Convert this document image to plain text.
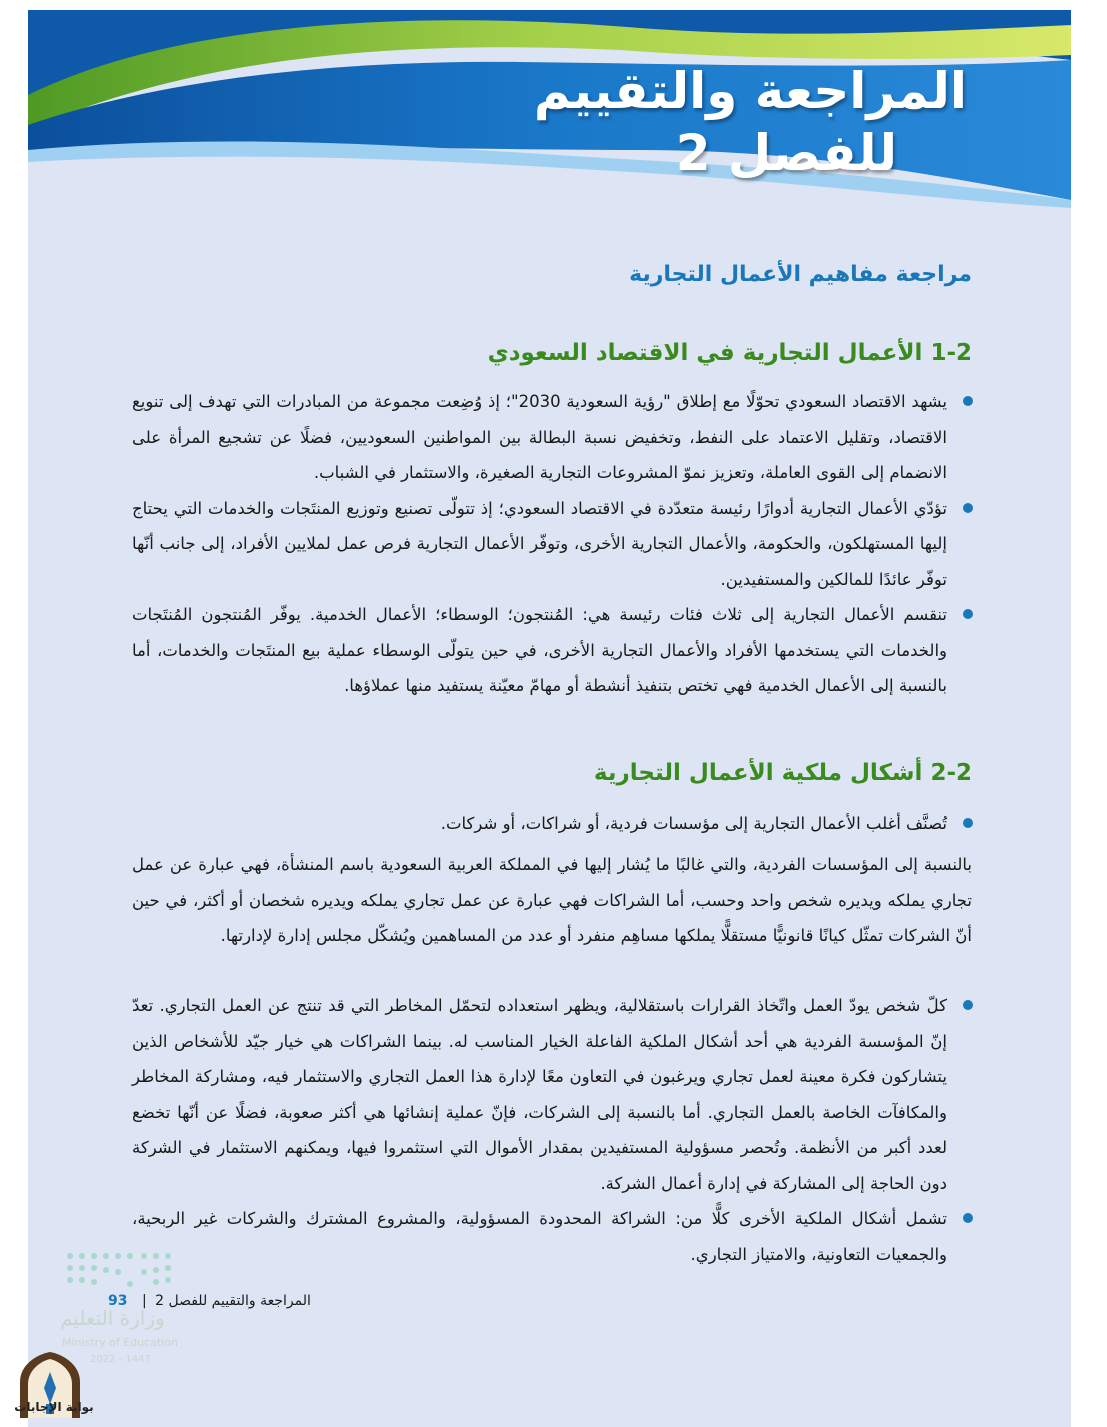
المراجعة والتقييم
للفصل 2
مراجعة مفاهيم الأعمال التجارية
1-2 الأعمال التجارية في الاقتصاد السعودي
يشهد الاقتصاد السعودي تحوّلًا مع إطلاق "رؤية السعودية 2030"؛ إذ وُضِعت مجموعة من المبادرات التي تهدف إلى تنويع الاقتصاد، وتقليل الاعتماد على النفط، وتخفيض نسبة البطالة بين المواطنين السعوديين، فضلًا عن تشجيع المرأة على الانضمام إلى القوى العاملة، وتعزيز نموّ المشروعات التجارية الصغيرة، والاستثمار في الشباب.
تؤدّي الأعمال التجارية أدوارًا رئيسة متعدّدة في الاقتصاد السعودي؛ إذ تتولّى تصنيع وتوزيع المنتَجات والخدمات التي يحتاج إليها المستهلكون، والحكومة، والأعمال التجارية الأخرى، وتوفّر الأعمال التجارية فرص عمل لملايين الأفراد، إلى جانب أنّها توفّر عائدًا للمالكين والمستفيدين.
تنقسم الأعمال التجارية إلى ثلاث فئات رئيسة هي: المُنتجون؛ الوسطاء؛ الأعمال الخدمية. يوفّر المُنتجون المُنتَجات والخدمات التي يستخدمها الأفراد والأعمال التجارية الأخرى، في حين يتولّى الوسطاء عملية بيع المنتَجات والخدمات، أما بالنسبة إلى الأعمال الخدمية فهي تختص بتنفيذ أنشطة أو مهامّ معيّنة يستفيد منها عملاؤها.
2-2 أشكال ملكية الأعمال التجارية
تُصنَّف أغلب الأعمال التجارية إلى مؤسسات فردية، أو شراكات، أو شركات.
بالنسبة إلى المؤسسات الفردية، والتي غالبًا ما يُشار إليها في المملكة العربية السعودية باسم المنشأة، فهي عبارة عن عمل تجاري يملكه ويديره شخص واحد وحسب، أما الشراكات فهي عبارة عن عمل تجاري يملكه ويديره شخصان أو أكثر، في حين أنّ الشركات تمثّل كيانًا قانونيًّا مستقلًّا يملكها مساهِم منفرد أو عدد من المساهمين ويُشكّل مجلس إدارة لإدارتها.
كلّ شخص يودّ العمل واتّخاذ القرارات باستقلالية، ويظهر استعداده لتحمّل المخاطر التي قد تنتج عن العمل التجاري. تعدّ إنّ المؤسسة الفردية هي أحد أشكال الملكية الفاعلة الخيار المناسب له. بينما الشراكات هي خيار جيّد للأشخاص الذين يتشاركون فكرة معينة لعمل تجاري ويرغبون في التعاون معًا لإدارة هذا العمل التجاري والاستثمار فيه، ومشاركة المخاطر والمكافآت الخاصة بالعمل التجاري. أما بالنسبة إلى الشركات، فإنّ عملية إنشائها هي أكثر صعوبة، فضلًا عن أنّها تخضع لعدد أكبر من الأنظمة. وتُحصر مسؤولية المستفيدين بمقدار الأموال التي استثمروا فيها، ويمكنهم الاستثمار في الشركة دون الحاجة إلى المشاركة في إدارة أعمال الشركة.
تشمل أشكال الملكية الأخرى كلًّا من: الشراكة المحدودة المسؤولية، والمشروع المشترك والشركات غير الربحية، والجمعيات التعاونية، والامتياز التجاري.
وزارة التعليم
Ministry of Education
2022 - 1447
المراجعة والتقييم للفصل 2 | 93
بوابة الإجابات
